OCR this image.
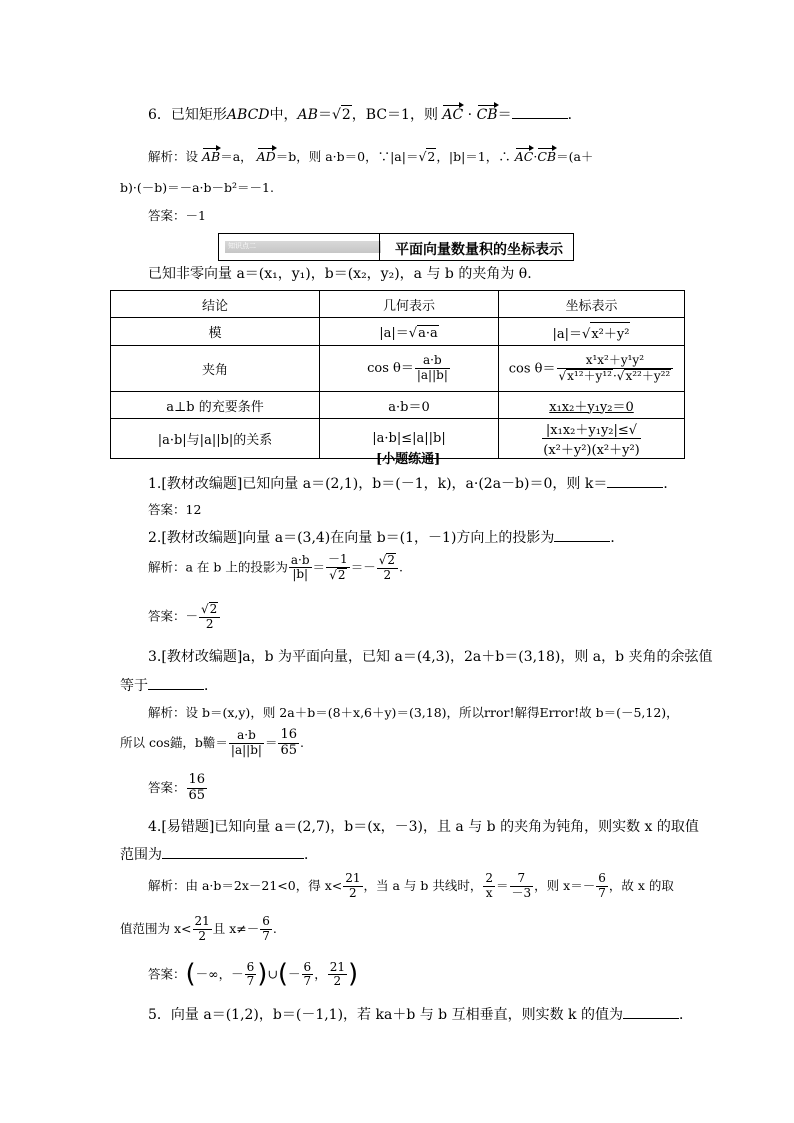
6．已知矩形ABCD中，AB＝√2，BC＝1，则 AC · CB＝	．
解析：设 AB＝a， AD＝b，则 a·b＝0，∵|a|＝√2，|b|＝1，∴ AC·CB＝(a＋
b)·(－b)＝－a·b－b²＝－1.
答案：－1
知识点二	平面向量数量积的坐标表示
已知非零向量 a＝(x₁，y₁)，b＝(x₂，y₂)，a 与 b 的夹角为 θ.
结论	几何表示	坐标表示
模	|a|＝√a·a	|a|＝√x²＋y²
夹角	$\cos \theta= \frac{a\cdot b}{|a||b|}$	$\cos \theta= \frac{\text{x¹x²＋y¹y²}}{\text{√x¹²＋y¹²·√x²²＋y²²}}$

a⊥b 的充要条件	a·b＝0	x₁x₂＋y₁y₂＝0
|a·b|与|a||b|的关系	|a·b|≤|a||b|	|x₁x₂＋y₁y₂|≤√(x²＋y²)(x²＋y²)
[小题练通]
1.[教材改编题]已知向量 a＝(2,1)，b＝(－1，k)，a·(2a－b)＝0，则 k＝	．
答案：12
2.[教材改编题]向量 a＝(3,4)在向量 b＝(1，－1)方向上的投影为	．
解析：a 在 b 上的投影为 $\frac{a\cdot b}{|b|} = \frac{-1}{√2} =- \frac{√2}{2}$ .
答案：－ $\frac{√2}{2}$
3.[教材改编题]a，b 为平面向量，已知 a＝(4,3)，2a＋b＝(3,18)，则 a，b 夹角的余弦值
等于	．
解析：设 b＝(x,y)，则 2a＋b＝(8＋x,6＋y)＝(3,18)，所以rror!解得Error!故 b＝(－5,12)，
所以 cos錨，b韂＝ $\frac{a\cdot b}{|a||b|} = \frac{16}{65}$ .
答案： $\frac{16}{65}$
4.[易错题]已知向量 a＝(2,7)，b＝(x，－3)，且 a 与 b 的夹角为钝角，则实数 x 的取值
范围为	．
解析：由 a·b＝2x－21<0，得 $x< \frac{21}{2}$ ，当 a 与 b 共线时， $\frac{2}{x} = \frac{7}{-3}$ ，则 $x=- \frac{6}{7}$ ，故 x 的取
值范围为 $x< \frac{21}{2}$ 且 $x\ne- \frac{6}{7}$ .
答案：(－∞，－ $\frac{6}{7}$ )∪(－ $\frac{6}{7}$ ， $\frac{21}{2}$ )
5．向量 a＝(1,2)，b＝(－1,1)，若 ka＋b 与 b 互相垂直，则实数 k 的值为	．
